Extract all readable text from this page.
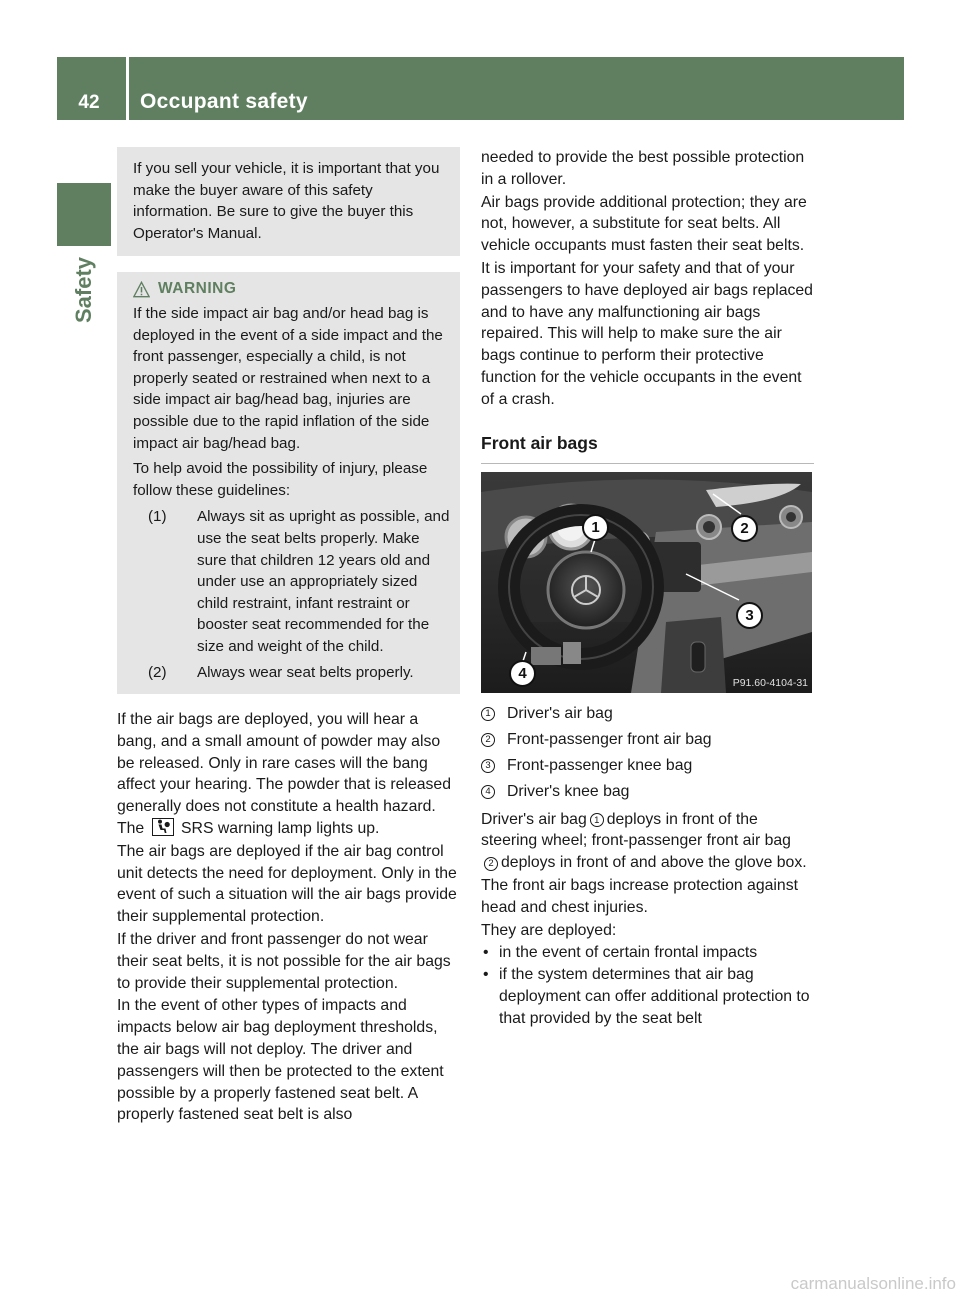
42	Occupant safety
Safety

If you sell your vehicle, it is important that you make the buyer aware of this safety information. Be sure to give the buyer this Operator's Manual.

WARNING

If the side impact air bag and/or head bag is deployed in the event of a side impact and the front passenger, especially a child, is not properly seated or restrained when next to a side impact air bag/head bag, injuries are possible due to the rapid inflation of the side impact air bag/head bag.

To help avoid the possibility of injury, please follow these guidelines:

(1)	Always sit as upright as possible, and use the seat belts properly. Make sure that children 12 years old and under use an appropriately sized child restraint, infant restraint or booster seat recommended for the size and weight of the child.
(2)	Always wear seat belts properly.

If the air bags are deployed, you will hear a bang, and a small amount of powder may also be released. Only in rare cases will the bang affect your hearing. The powder that is released generally does not constitute a health hazard. The SRS warning lamp lights up.

The air bags are deployed if the air bag control unit detects the need for deployment. Only in the event of such a situation will the air bags provide their supplemental protection.

If the driver and front passenger do not wear their seat belts, it is not possible for the air bags to provide their supplemental protection.

In the event of other types of impacts and impacts below air bag deployment thresholds, the air bags will not deploy. The driver and passengers will then be protected to the extent possible by a properly fastened seat belt. A properly fastened seat belt is also

needed to provide the best possible protection in a rollover.

Air bags provide additional protection; they are not, however, a substitute for seat belts. All vehicle occupants must fasten their seat belts.

It is important for your safety and that of your passengers to have deployed air bags replaced and to have any malfunctioning air bags repaired. This will help to make sure the air bags continue to perform their protective function for the vehicle occupants in the event of a crash.

Front air bags
1	2
3
4
P91.60-4104-31
1 Driver's air bag
2 Front-passenger front air bag
3 Front-passenger knee bag
4 Driver's knee bag

Driver's air bag 1 deploys in front of the steering wheel; front-passenger front air bag 2 deploys in front of and above the glove box.

The front air bags increase protection against head and chest injuries.

They are deployed:

• in the event of certain frontal impacts
• if the system determines that air bag deployment can offer additional protection to that provided by the seat belt
carmanualsonline.info
